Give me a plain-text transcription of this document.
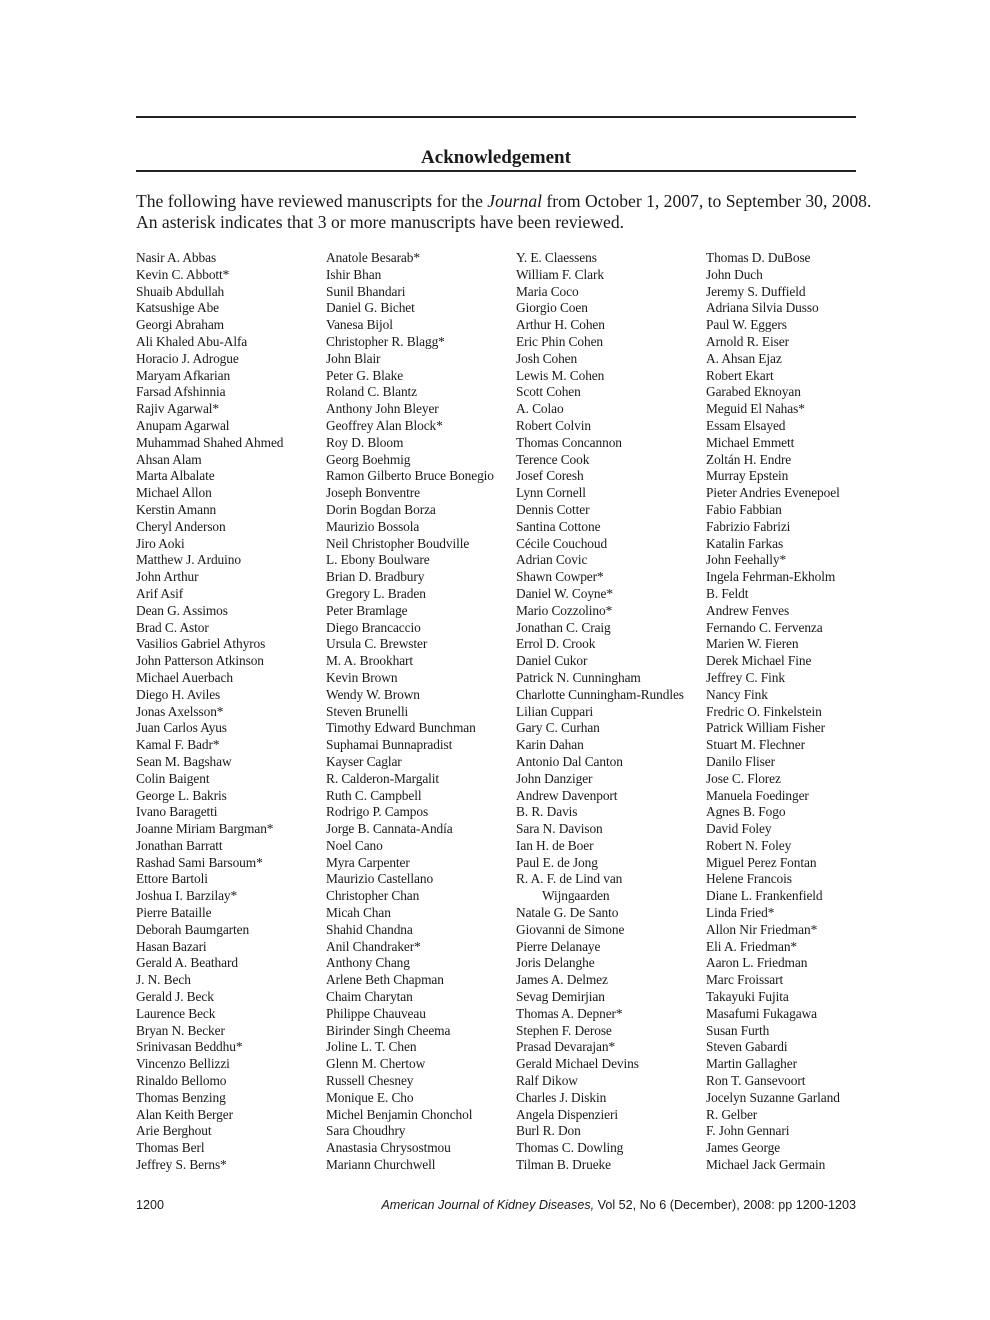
Acknowledgement

The following have reviewed manuscripts for the Journal from October 1, 2007, to September 30, 2008.

An asterisk indicates that 3 or more manuscripts have been reviewed.

Nasir A. Abbas
Kevin C. Abbott*
Shuaib Abdullah
Katsushige Abe
Georgi Abraham
Ali Khaled Abu-Alfa
Horacio J. Adrogue
Maryam Afkarian
Farsad Afshinnia
Rajiv Agarwal*
Anupam Agarwal
Muhammad Shahed Ahmed
Ahsan Alam
Marta Albalate
Michael Allon
Kerstin Amann
Cheryl Anderson
Jiro Aoki
Matthew J. Arduino
John Arthur
Arif Asif
Dean G. Assimos
Brad C. Astor
Vasilios Gabriel Athyros
John Patterson Atkinson
Michael Auerbach
Diego H. Aviles
Jonas Axelsson*
Juan Carlos Ayus
Kamal F. Badr*
Sean M. Bagshaw
Colin Baigent
George L. Bakris
Ivano Baragetti
Joanne Miriam Bargman*
Jonathan Barratt
Rashad Sami Barsoum*
Ettore Bartoli
Joshua I. Barzilay*
Pierre Bataille
Deborah Baumgarten
Hasan Bazari
Gerald A. Beathard
J. N. Bech
Gerald J. Beck
Laurence Beck
Bryan N. Becker
Srinivasan Beddhu*
Vincenzo Bellizzi
Rinaldo Bellomo
Thomas Benzing
Alan Keith Berger
Arie Berghout
Thomas Berl
Jeffrey S. Berns*
Anatole Besarab*
Ishir Bhan
Sunil Bhandari
Daniel G. Bichet
Vanesa Bijol
Christopher R. Blagg*
John Blair
Peter G. Blake
Roland C. Blantz
Anthony John Bleyer
Geoffrey Alan Block*
Roy D. Bloom
Georg Boehmig
Ramon Gilberto Bruce Bonegio
Joseph Bonventre
Dorin Bogdan Borza
Maurizio Bossola
Neil Christopher Boudville
L. Ebony Boulware
Brian D. Bradbury
Gregory L. Braden
Peter Bramlage
Diego Brancaccio
Ursula C. Brewster
M. A. Brookhart
Kevin Brown
Wendy W. Brown
Steven Brunelli
Timothy Edward Bunchman
Suphamai Bunnapradist
Kayser Caglar
R. Calderon-Margalit
Ruth C. Campbell
Rodrigo P. Campos
Jorge B. Cannata-Andía
Noel Cano
Myra Carpenter
Maurizio Castellano
Christopher Chan
Micah Chan
Shahid Chandna
Anil Chandraker*
Anthony Chang
Arlene Beth Chapman
Chaim Charytan
Philippe Chauveau
Birinder Singh Cheema
Joline L. T. Chen
Glenn M. Chertow
Russell Chesney
Monique E. Cho
Michel Benjamin Chonchol
Sara Choudhry
Anastasia Chrysostmou
Mariann Churchwell
Y. E. Claessens
William F. Clark
Maria Coco
Giorgio Coen
Arthur H. Cohen
Eric Phin Cohen
Josh Cohen
Lewis M. Cohen
Scott Cohen
A. Colao
Robert Colvin
Thomas Concannon
Terence Cook
Josef Coresh
Lynn Cornell
Dennis Cotter
Santina Cottone
Cécile Couchoud
Adrian Covic
Shawn Cowper*
Daniel W. Coyne*
Mario Cozzolino*
Jonathan C. Craig
Errol D. Crook
Daniel Cukor
Patrick N. Cunningham
Charlotte Cunningham-Rundles
Lilian Cuppari
Gary C. Curhan
Karin Dahan
Antonio Dal Canton
John Danziger
Andrew Davenport
B. R. Davis
Sara N. Davison
Ian H. de Boer
Paul E. de Jong
R. A. F. de Lind van
Wijngaarden
Natale G. De Santo
Giovanni de Simone
Pierre Delanaye
Joris Delanghe
James A. Delmez
Sevag Demirjian
Thomas A. Depner*
Stephen F. Derose
Prasad Devarajan*
Gerald Michael Devins
Ralf Dikow
Charles J. Diskin
Angela Dispenzieri
Burl R. Don
Thomas C. Dowling
Tilman B. Drueke
Thomas D. DuBose
John Duch
Jeremy S. Duffield
Adriana Silvia Dusso
Paul W. Eggers
Arnold R. Eiser
A. Ahsan Ejaz
Robert Ekart
Garabed Eknoyan
Meguid El Nahas*
Essam Elsayed
Michael Emmett
Zoltán H. Endre
Murray Epstein
Pieter Andries Evenepoel
Fabio Fabbian
Fabrizio Fabrizi
Katalin Farkas
John Feehally*
Ingela Fehrman-Ekholm
B. Feldt
Andrew Fenves
Fernando C. Fervenza
Marien W. Fieren
Derek Michael Fine
Jeffrey C. Fink
Nancy Fink
Fredric O. Finkelstein
Patrick William Fisher
Stuart M. Flechner
Danilo Fliser
Jose C. Florez
Manuela Foedinger
Agnes B. Fogo
David Foley
Robert N. Foley
Miguel Perez Fontan
Helene Francois
Diane L. Frankenfield
Linda Fried*
Allon Nir Friedman*
Eli A. Friedman*
Aaron L. Friedman
Marc Froissart
Takayuki Fujita
Masafumi Fukagawa
Susan Furth
Steven Gabardi
Martin Gallagher
Ron T. Gansevoort
Jocelyn Suzanne Garland
R. Gelber
F. John Gennari
James George
Michael Jack Germain
1200	American Journal of Kidney Diseases, Vol 52, No 6 (December), 2008: pp 1200-1203
